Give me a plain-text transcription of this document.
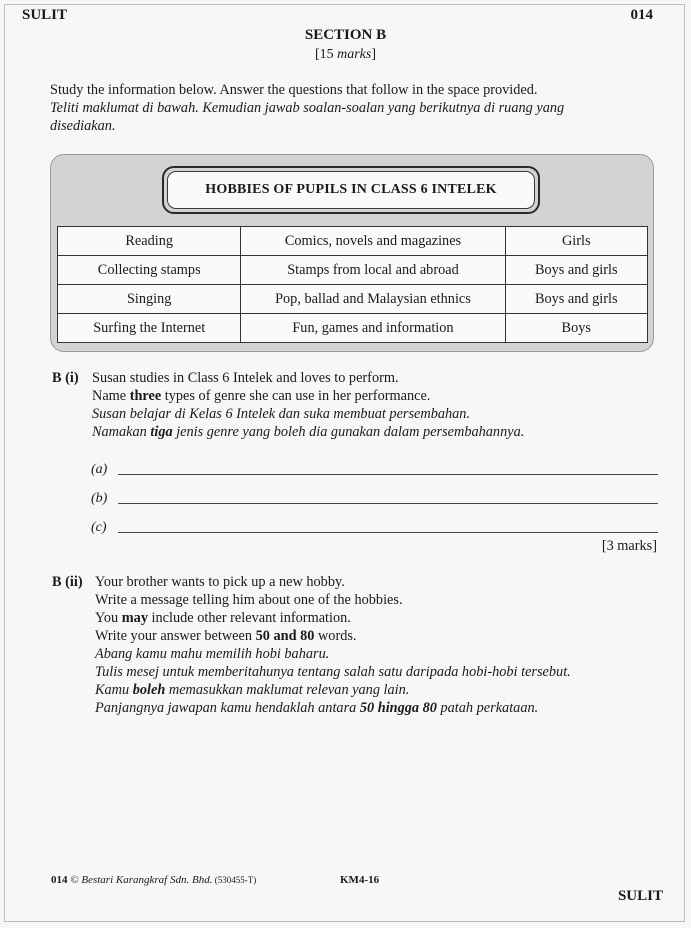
SULIT	014
SECTION B
[15 marks]
Study the information below. Answer the questions that follow in the space provided.
Teliti maklumat di bawah. Kemudian jawab soalan-soalan yang berikutnya di ruang yang
disediakan.
HOBBIES OF PUPILS IN CLASS 6 INTELEK
Reading	Comics, novels and magazines	Girls
Collecting stamps	Stamps from local and abroad	Boys and girls
Singing	Pop, ballad and Malaysian ethnics	Boys and girls
Surfing the Internet	Fun, games and information	Boys
B (i) Susan studies in Class 6 Intelek and loves to perform.
Name three types of genre she can use in her performance.
Susan belajar di Kelas 6 Intelek dan suka membuat persembahan.
Namakan tiga jenis genre yang boleh dia gunakan dalam persembahannya.
(a)
(b)
(c)
[3 marks]
B (ii) Your brother wants to pick up a new hobby.
Write a message telling him about one of the hobbies.
You may include other relevant information.
Write your answer between 50 and 80 words.
Abang kamu mahu memilih hobi baharu.
Tulis mesej untuk memberitahunya tentang salah satu daripada hobi-hobi tersebut.
Kamu boleh memasukkan maklumat relevan yang lain.
Panjangnya jawapan kamu hendaklah antara 50 hingga 80 patah perkataan.
014 © Bestari Karangkraf Sdn. Bhd. (530455-T)	KM4-16
SULIT
